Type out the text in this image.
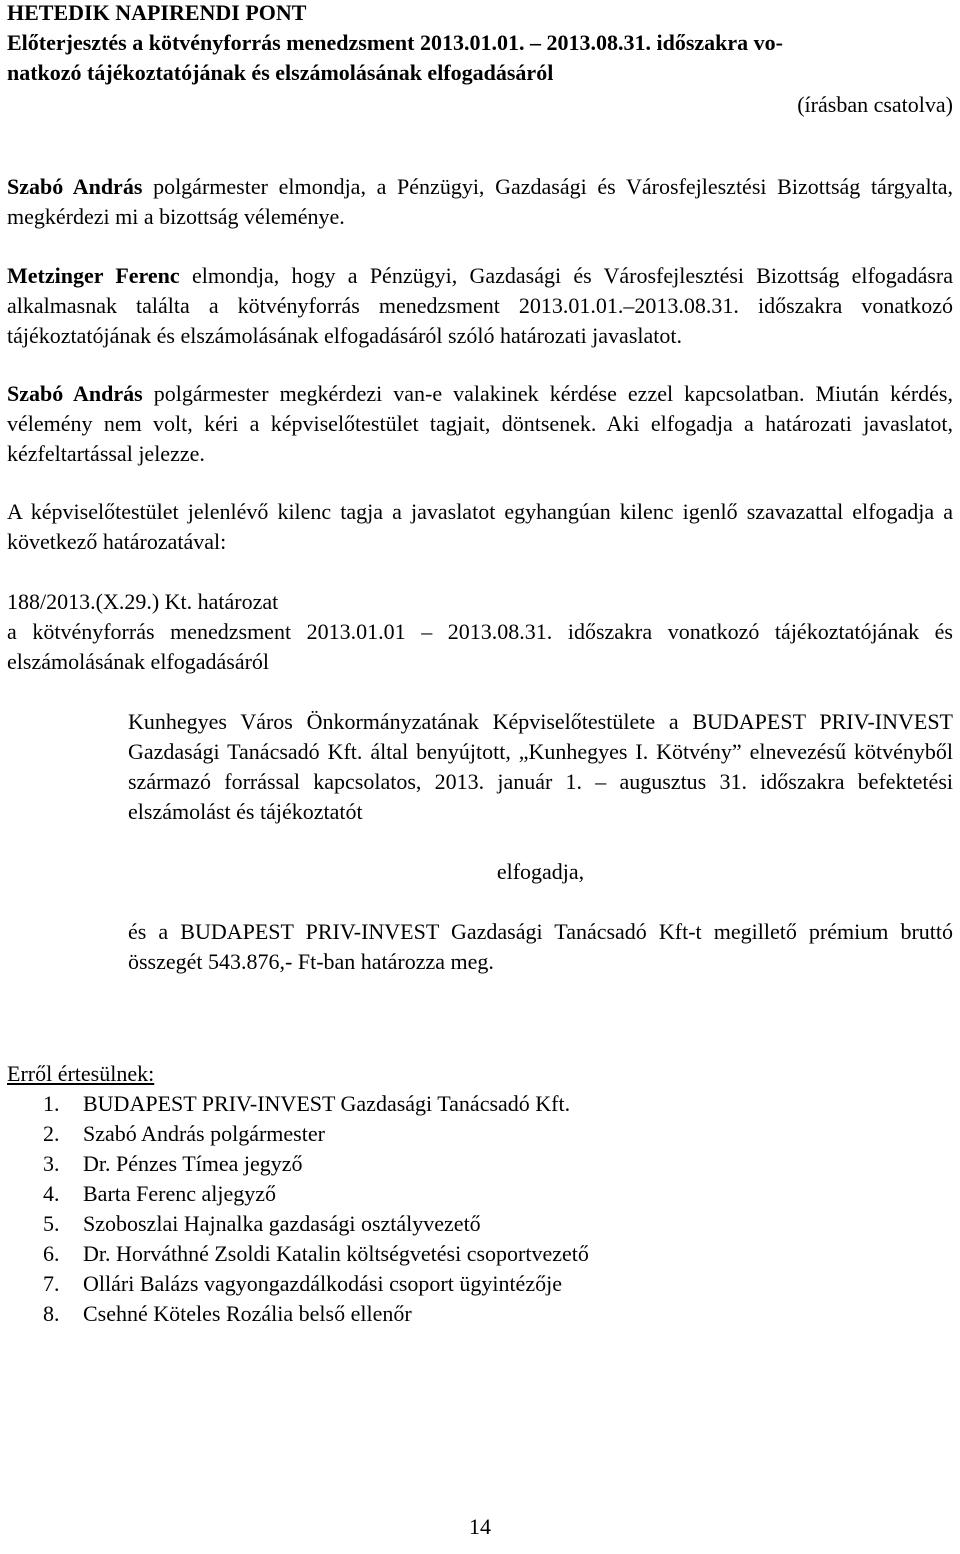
HETEDIK NAPIRENDI PONT
Előterjesztés a kötvényforrás menedzsment 2013.01.01. – 2013.08.31. időszakra vo-
natkozó tájékoztatójának és elszámolásának elfogadásáról
(írásban csatolva)

Szabó András polgármester elmondja, a Pénzügyi, Gazdasági és Városfejlesztési Bizottság tárgyalta, megkérdezi mi a bizottság véleménye.

Metzinger Ferenc elmondja, hogy a Pénzügyi, Gazdasági és Városfejlesztési Bizottság elfogadásra alkalmasnak találta a kötvényforrás menedzsment 2013.01.01.–2013.08.31. időszakra vonatkozó tájékoztatójának és elszámolásának elfogadásáról szóló határozati javaslatot.

Szabó András polgármester megkérdezi van-e valakinek kérdése ezzel kapcsolatban. Miután kérdés, vélemény nem volt, kéri a képviselőtestület tagjait, döntsenek. Aki elfogadja a határozati javaslatot, kézfeltartással jelezze.

A képviselőtestület jelenlévő kilenc tagja a javaslatot egyhangúan kilenc igenlő szavazattal elfogadja a következő határozatával:

188/2013.(X.29.) Kt. határozat

a kötvényforrás menedzsment 2013.01.01 – 2013.08.31. időszakra vonatkozó tájékoztatójának és elszámolásának elfogadásáról

Kunhegyes Város Önkormányzatának Képviselőtestülete a BUDAPEST PRIV-INVEST Gazdasági Tanácsadó Kft. által benyújtott, „Kunhegyes I. Kötvény” elnevezésű kötvényből származó forrással kapcsolatos, 2013. január 1. – augusztus 31. időszakra befektetési elszámolást és tájékoztatót

elfogadja,

és a BUDAPEST PRIV-INVEST Gazdasági Tanácsadó Kft-t megillető prémium bruttó összegét 543.876,- Ft-ban határozza meg.

Erről értesülnek:
1. BUDAPEST PRIV-INVEST Gazdasági Tanácsadó Kft.
2. Szabó András polgármester
3. Dr. Pénzes Tímea jegyző
4. Barta Ferenc aljegyző
5. Szoboszlai Hajnalka gazdasági osztályvezető
6. Dr. Horváthné Zsoldi Katalin költségvetési csoportvezető
7. Ollári Balázs vagyongazdálkodási csoport ügyintézője
8. Csehné Köteles Rozália belső ellenőr
14
